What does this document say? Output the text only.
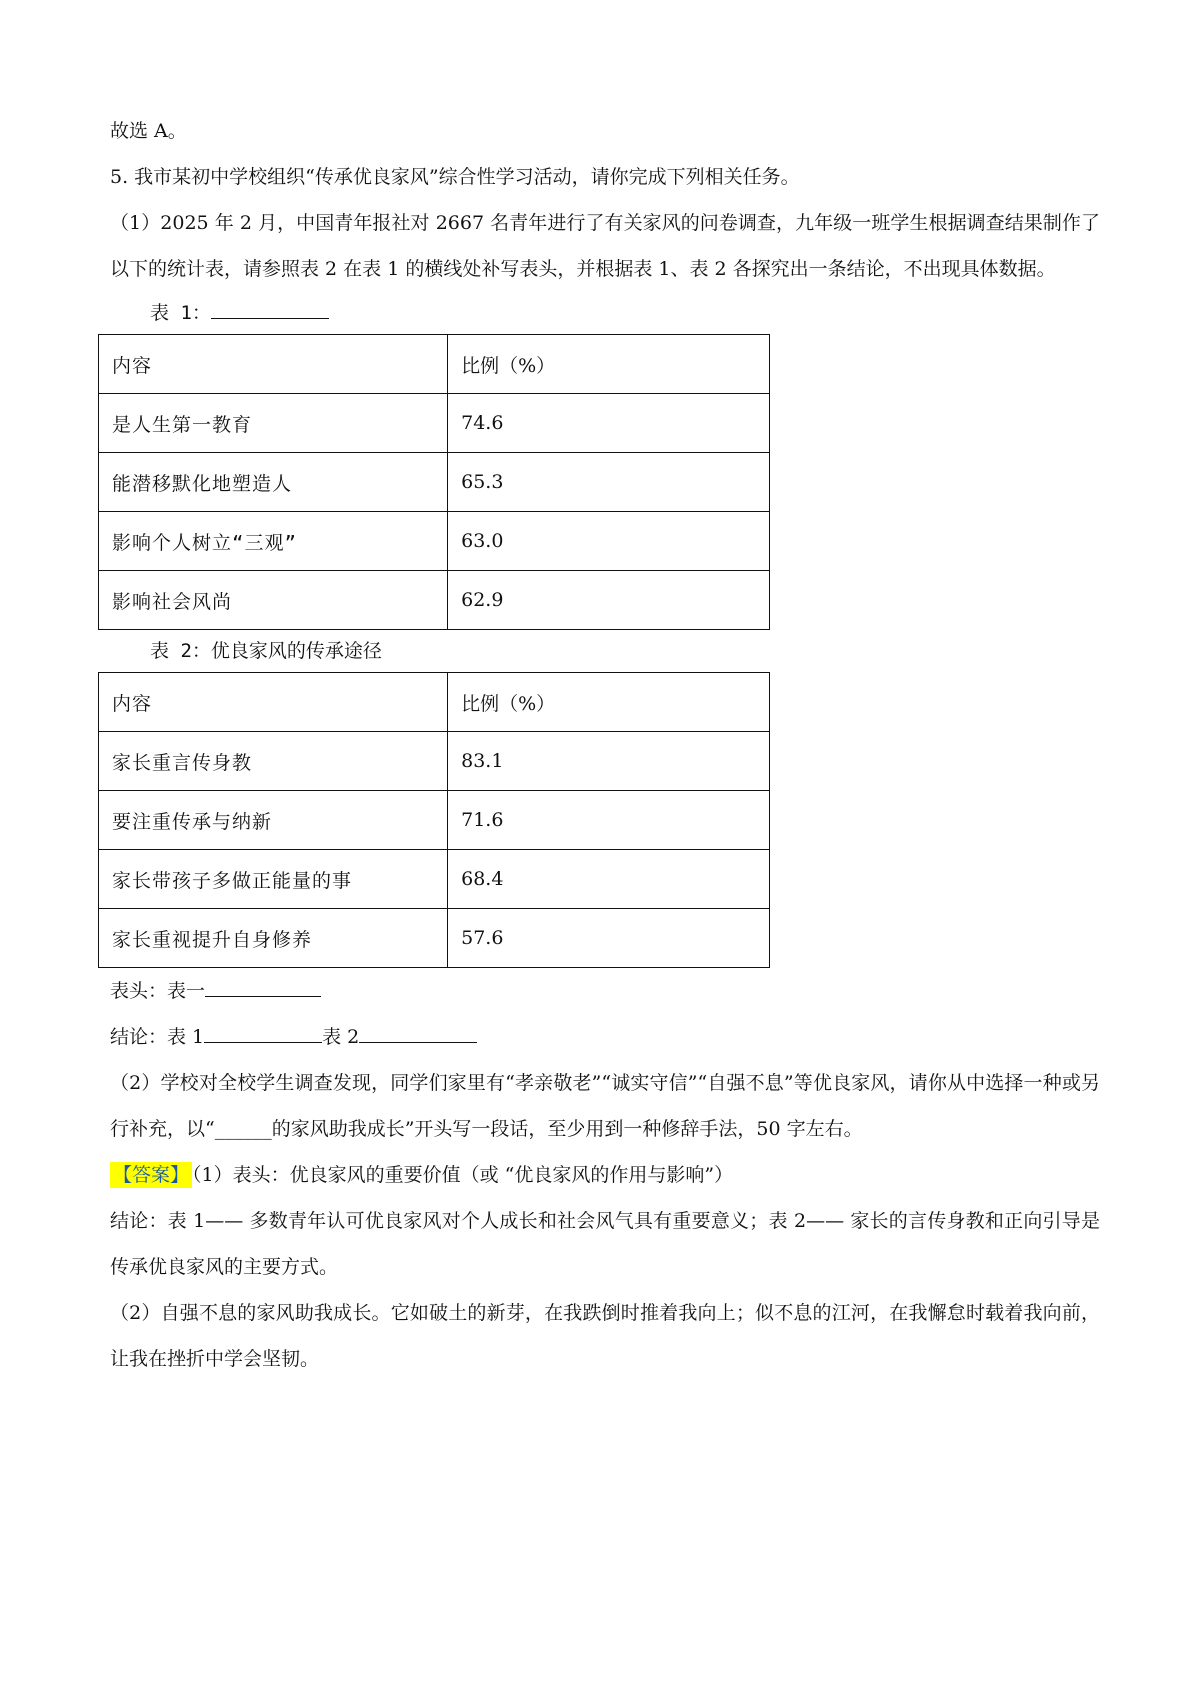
故选 A。

5. 我市某初中学校组织“传承优良家风”综合性学习活动，请你完成下列相关任务。

（1）2025 年 2 月，中国青年报社对 2667 名青年进行了有关家风的问卷调查，九年级一班学生根据调查结果制作了以下的统计表，请参照表 2 在表 1 的横线处补写表头，并根据表 1、表 2 各探究出一条结论，不出现具体数据。

表 1：
内容	比例（%）
是人生第一教育	74.6
能潜移默化地塑造人	65.3
影响个人树立“三观”	63.0
影响社会风尚	62.9
表 2：优良家风的传承途径
内容	比例（%）
家长重言传身教	83.1
要注重传承与纳新	71.6
家长带孩子多做正能量的事	68.4
家长重视提升自身修养	57.6

表头：表一

结论：表 1	表 2

（2）学校对全校学生调查发现，同学们家里有“孝亲敬老”“诚实守信”“自强不息”等优良家风，请你从中选择一种或另行补充，以“______的家风助我成长”开头写一段话，至少用到一种修辞手法，50 字左右。

【答案】 （1）表头：优良家风的重要价值（或 “优良家风的作用与影响”）

结论：表 1—— 多数青年认可优良家风对个人成长和社会风气具有重要意义；表 2—— 家长的言传身教和正向引导是传承优良家风的主要方式。

（2）自强不息的家风助我成长。它如破土的新芽，在我跌倒时推着我向上；似不息的江河，在我懈怠时载着我向前，让我在挫折中学会坚韧。
